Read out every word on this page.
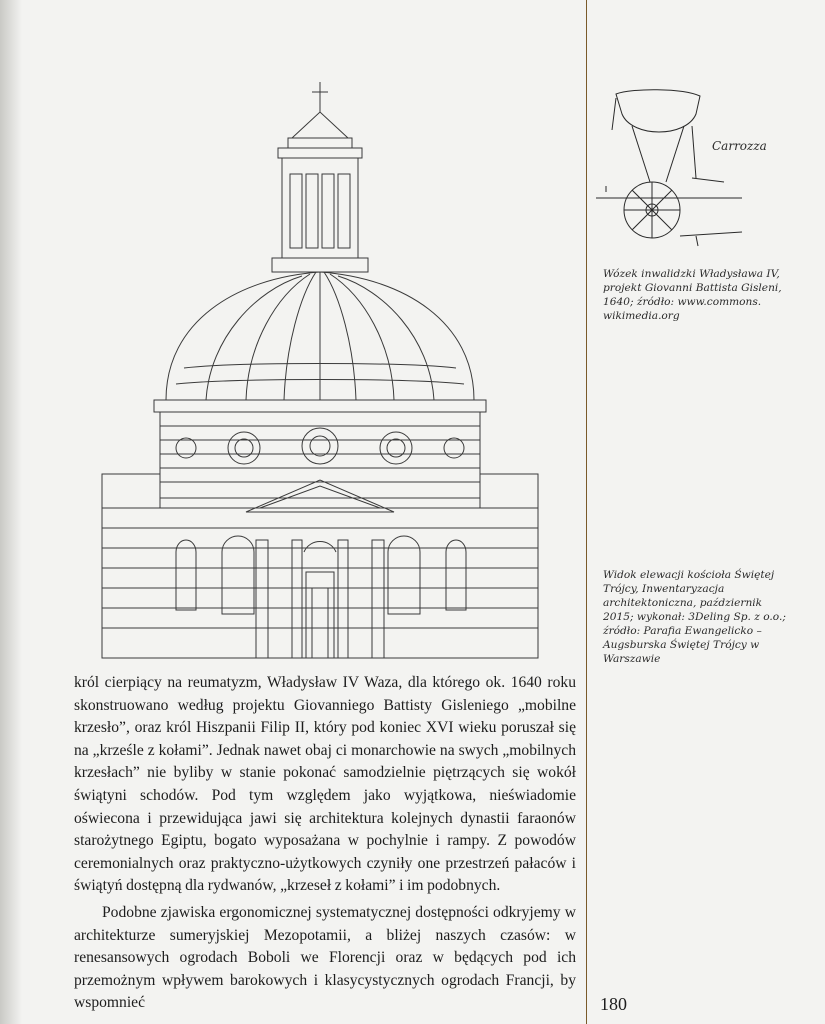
Carrozza

Wózek inwalidzki Władysława IV, projekt Giovanni Battista Gisleni, 1640; źródło: www.commons. wikimedia.org

Widok elewacji kościoła Świętej Trójcy, Inwentaryzacja architektoniczna, październik 2015; wykonał: 3Deling Sp. z o.o.; źródło: Parafia Ewangelicko – Augsburska Świętej Trójcy w Warszawie

król cierpiący na reumatyzm, Władysław IV Waza, dla którego ok. 1640 roku skonstruowano według projektu Giovanniego Battisty Gisleniego „mobilne krzesło”, oraz król Hiszpanii Filip II, który pod koniec XVI wieku poruszał się na „krześle z kołami”. Jednak nawet obaj ci monarchowie na swych „mobilnych krzesłach” nie byliby w stanie pokonać samodzielnie piętrzących się wokół świątyni schodów. Pod tym względem jako wyjątkowa, nieświadomie oświecona i przewidująca jawi się architektura kolejnych dynastii faraonów starożytnego Egiptu, bogato wyposażana w pochylnie i rampy. Z powodów ceremonialnych oraz praktyczno-użytkowych czyniły one przestrzeń pałaców i świątyń dostępną dla rydwanów, „krzeseł z kołami” i im podobnych.

Podobne zjawiska ergonomicznej systematycznej dostępności odkryjemy w architekturze sumeryjskiej Mezopotamii, a bliżej naszych czasów: w renesansowych ogrodach Boboli we Florencji oraz w będących pod ich przemożnym wpływem barokowych i klasycystycznych ogrodach Francji, by wspomnieć	180
